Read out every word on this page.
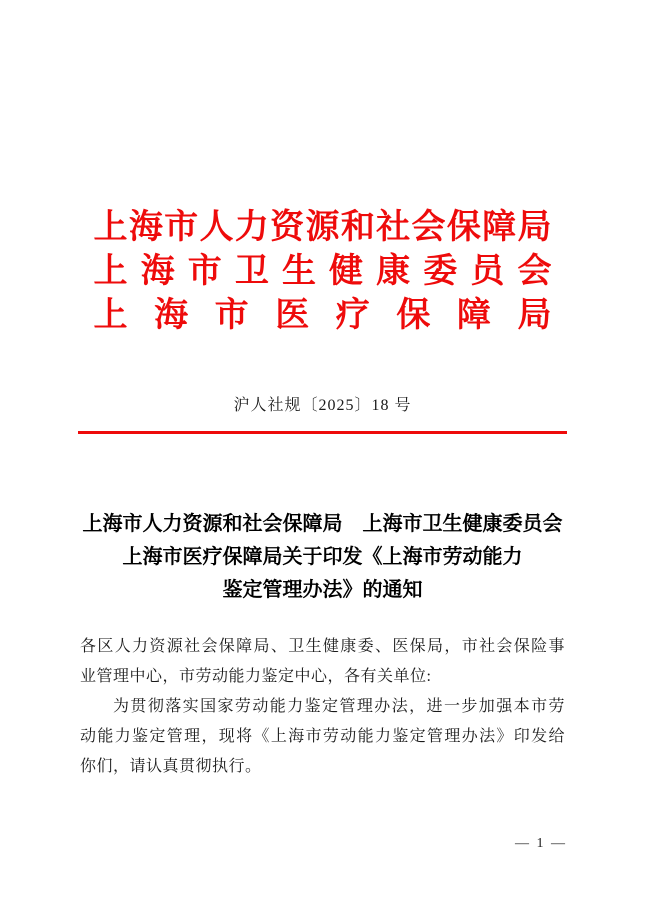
上海市人力资源和社会保障局
上海市卫生健康委员会
上海市医疗保障局
沪人社规〔2025〕18 号
上海市人力资源和社会保障局　上海市卫生健康委员会
上海市医疗保障局关于印发《上海市劳动能力
鉴定管理办法》的通知

各区人力资源社会保障局、卫生健康委、医保局，市社会保险事
业管理中心，市劳动能力鉴定中心，各有关单位:

为贯彻落实国家劳动能力鉴定管理办法，进一步加强本市劳
动能力鉴定管理，现将《上海市劳动能力鉴定管理办法》印发给
你们，请认真贯彻执行。

— 1 —
